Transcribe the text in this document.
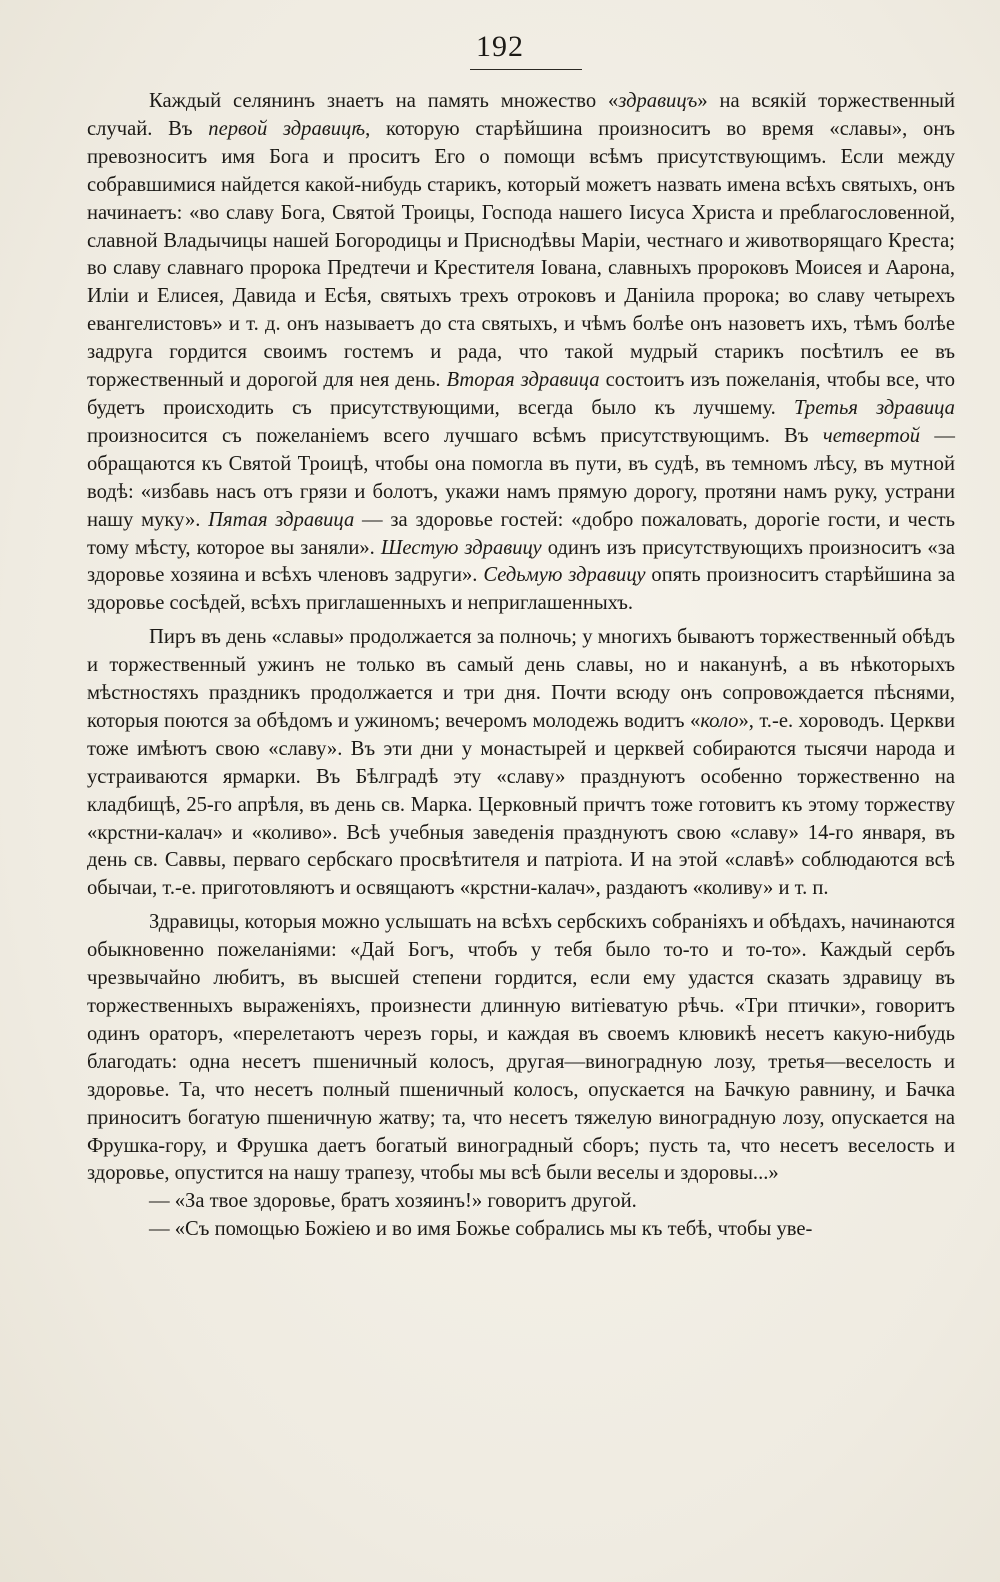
192

Каждый селянинъ знаетъ на память множество «здравицъ» на всякій торжественный случай. Въ первой здравицѣ, которую старѣйшина произноситъ во время «славы», онъ превозноситъ имя Бога и проситъ Его о помощи всѣмъ присутствующимъ. Если между собравшимися найдется какой-нибудь старикъ, который можетъ назвать имена всѣхъ святыхъ, онъ начинаетъ: «во славу Бога, Святой Троицы, Господа нашего Іисуса Христа и преблагословенной, славной Владычицы нашей Богородицы и Приснодѣвы Маріи, честнаго и животворящаго Креста; во славу славнаго пророка Предтечи и Крестителя Іована, славныхъ пророковъ Моисея и Аарона, Иліи и Елисея, Давида и Есѣя, святыхъ трехъ отроковъ и Даніила пророка; во славу четырехъ евангелистовъ» и т. д. онъ называетъ до ста святыхъ, и чѣмъ болѣе онъ назоветъ ихъ, тѣмъ болѣе задруга гордится своимъ гостемъ и рада, что такой мудрый старикъ посѣтилъ ее въ торжественный и дорогой для нея день. Вторая здравица состоитъ изъ пожеланія, чтобы все, что будетъ происходить съ присутствующими, всегда было къ лучшему. Третья здравица произносится съ пожеланіемъ всего лучшаго всѣмъ присутствующимъ. Въ четвертой — обращаются къ Святой Троицѣ, чтобы она помогла въ пути, въ судѣ, въ темномъ лѣсу, въ мутной водѣ: «избавь насъ отъ грязи и болотъ, укажи намъ прямую дорогу, протяни намъ руку, устрани нашу муку». Пятая здравица — за здоровье гостей: «добро пожаловать, дорогіе гости, и честь тому мѣсту, которое вы заняли». Шестую здравицу одинъ изъ присутствующихъ произноситъ «за здоровье хозяина и всѣхъ членовъ задруги». Седьмую здравицу опять произноситъ старѣйшина за здоровье сосѣдей, всѣхъ приглашенныхъ и неприглашенныхъ.

Пиръ въ день «славы» продолжается за полночь; у многихъ бываютъ торжественный обѣдъ и торжественный ужинъ не только въ самый день славы, но и наканунѣ, а въ нѣкоторыхъ мѣстностяхъ праздникъ продолжается и три дня. Почти всюду онъ сопровождается пѣснями, которыя поются за обѣдомъ и ужиномъ; вечеромъ молодежь водитъ «коло», т.-е. хороводъ. Церкви тоже имѣютъ свою «славу». Въ эти дни у монастырей и церквей собираются тысячи народа и устраиваются ярмарки. Въ Бѣлградѣ эту «славу» празднуютъ особенно торжественно на кладбищѣ, 25-го апрѣля, въ день св. Марка. Церковный причтъ тоже готовитъ къ этому торжеству «крстни-калач» и «коливо». Всѣ учебныя заведенія празднуютъ свою «славу» 14-го января, въ день св. Саввы, перваго сербскаго просвѣтителя и патріота. И на этой «славѣ» соблюдаются всѣ обычаи, т.-е. приготовляютъ и освящаютъ «крстни-калач», раздаютъ «коливу» и т. п.

Здравицы, которыя можно услышать на всѣхъ сербскихъ собраніяхъ и обѣдахъ, начинаются обыкновенно пожеланіями: «Дай Богъ, чтобъ у тебя было то-то и то-то». Каждый сербъ чрезвычайно любитъ, въ высшей степени гордится, если ему удастся сказать здравицу въ торжественныхъ выраженіяхъ, произнести длинную витіеватую рѣчь. «Три птички», говоритъ одинъ ораторъ, «перелетаютъ черезъ горы, и каждая въ своемъ клювикѣ несетъ какую-нибудь благодать: одна несетъ пшеничный колосъ, другая—виноградную лозу, третья—веселость и здоровье. Та, что несетъ полный пшеничный колосъ, опускается на Бачкую равнину, и Бачка приноситъ богатую пшеничную жатву; та, что несетъ тяжелую виноградную лозу, опускается на Фрушка-гору, и Фрушка даетъ богатый виноградный сборъ; пусть та, что несетъ веселость и здоровье, опустится на нашу трапезу, чтобы мы всѣ были веселы и здоровы...»

— «За твое здоровье, братъ хозяинъ!» говоритъ другой.

— «Съ помощью Божіею и во имя Божье собрались мы къ тебѣ, чтобы уве-
